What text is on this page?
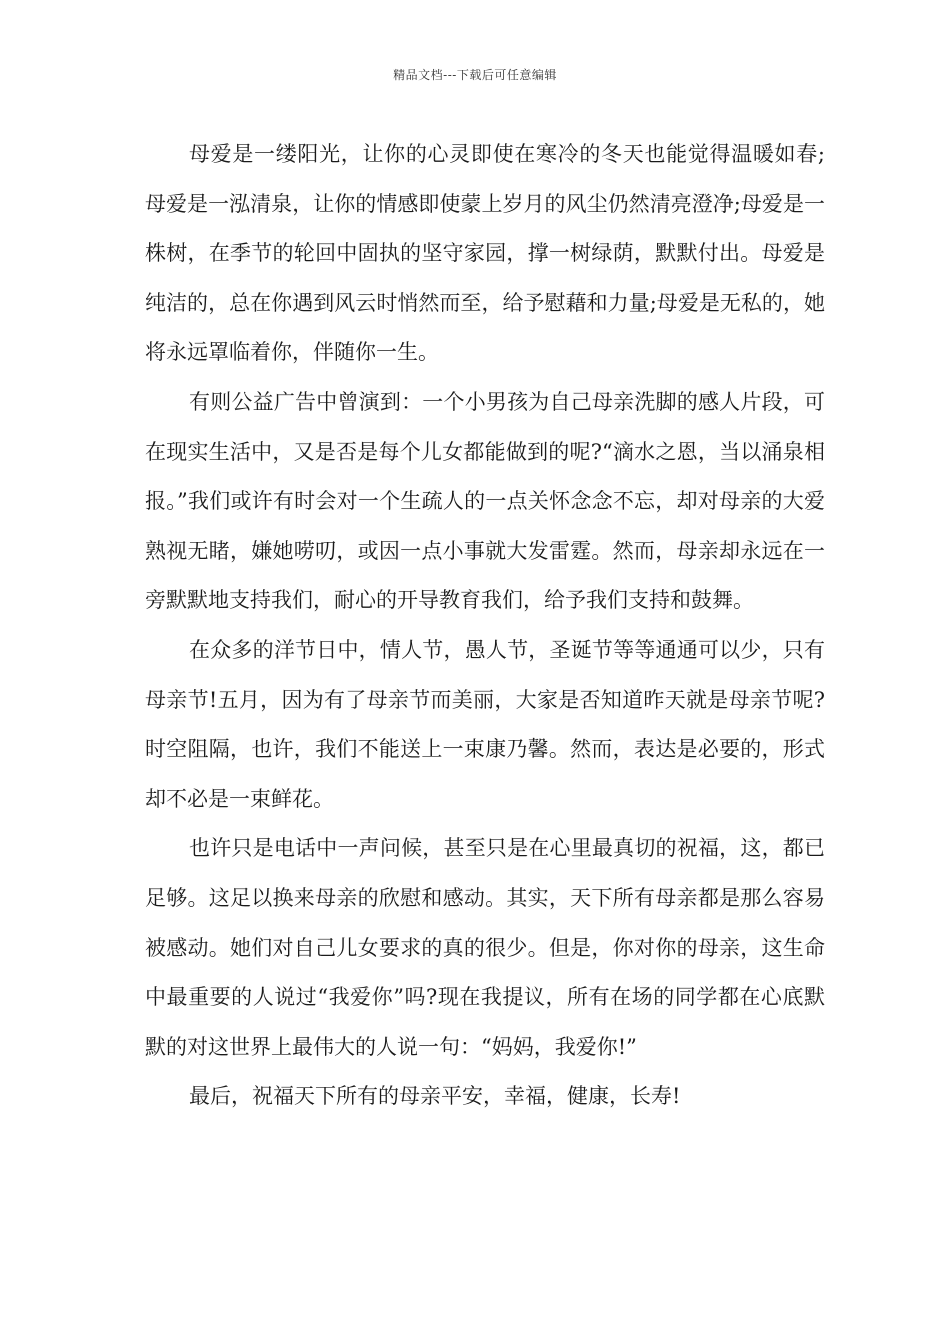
精品文档---下载后可任意编辑

母爱是一缕阳光，让你的心灵即使在寒冷的冬天也能觉得温暖如春;母爱是一泓清泉，让你的情感即使蒙上岁月的风尘仍然清亮澄净;母爱是一株树，在季节的轮回中固执的坚守家园，撑一树绿荫，默默付出。母爱是纯洁的，总在你遇到风云时悄然而至，给予慰藉和力量;母爱是无私的，她将永远罩临着你，伴随你一生。

有则公益广告中曾演到：一个小男孩为自己母亲洗脚的感人片段，可在现实生活中，又是否是每个儿女都能做到的呢?“滴水之恩，当以涌泉相报。”我们或许有时会对一个生疏人的一点关怀念念不忘，却对母亲的大爱熟视无睹，嫌她唠叨，或因一点小事就大发雷霆。然而，母亲却永远在一旁默默地支持我们，耐心的开导教育我们，给予我们支持和鼓舞。

在众多的洋节日中，情人节，愚人节，圣诞节等等通通可以少，只有母亲节!五月，因为有了母亲节而美丽，大家是否知道昨天就是母亲节呢?时空阻隔，也许，我们不能送上一束康乃馨。然而，表达是必要的，形式却不必是一束鲜花。

也许只是电话中一声问候，甚至只是在心里最真切的祝福，这，都已足够。这足以换来母亲的欣慰和感动。其实，天下所有母亲都是那么容易被感动。她们对自己儿女要求的真的很少。但是，你对你的母亲，这生命中最重要的人说过“我爱你”吗?现在我提议，所有在场的同学都在心底默默的对这世界上最伟大的人说一句：“妈妈，我爱你!”

最后，祝福天下所有的母亲平安，幸福，健康，长寿!
